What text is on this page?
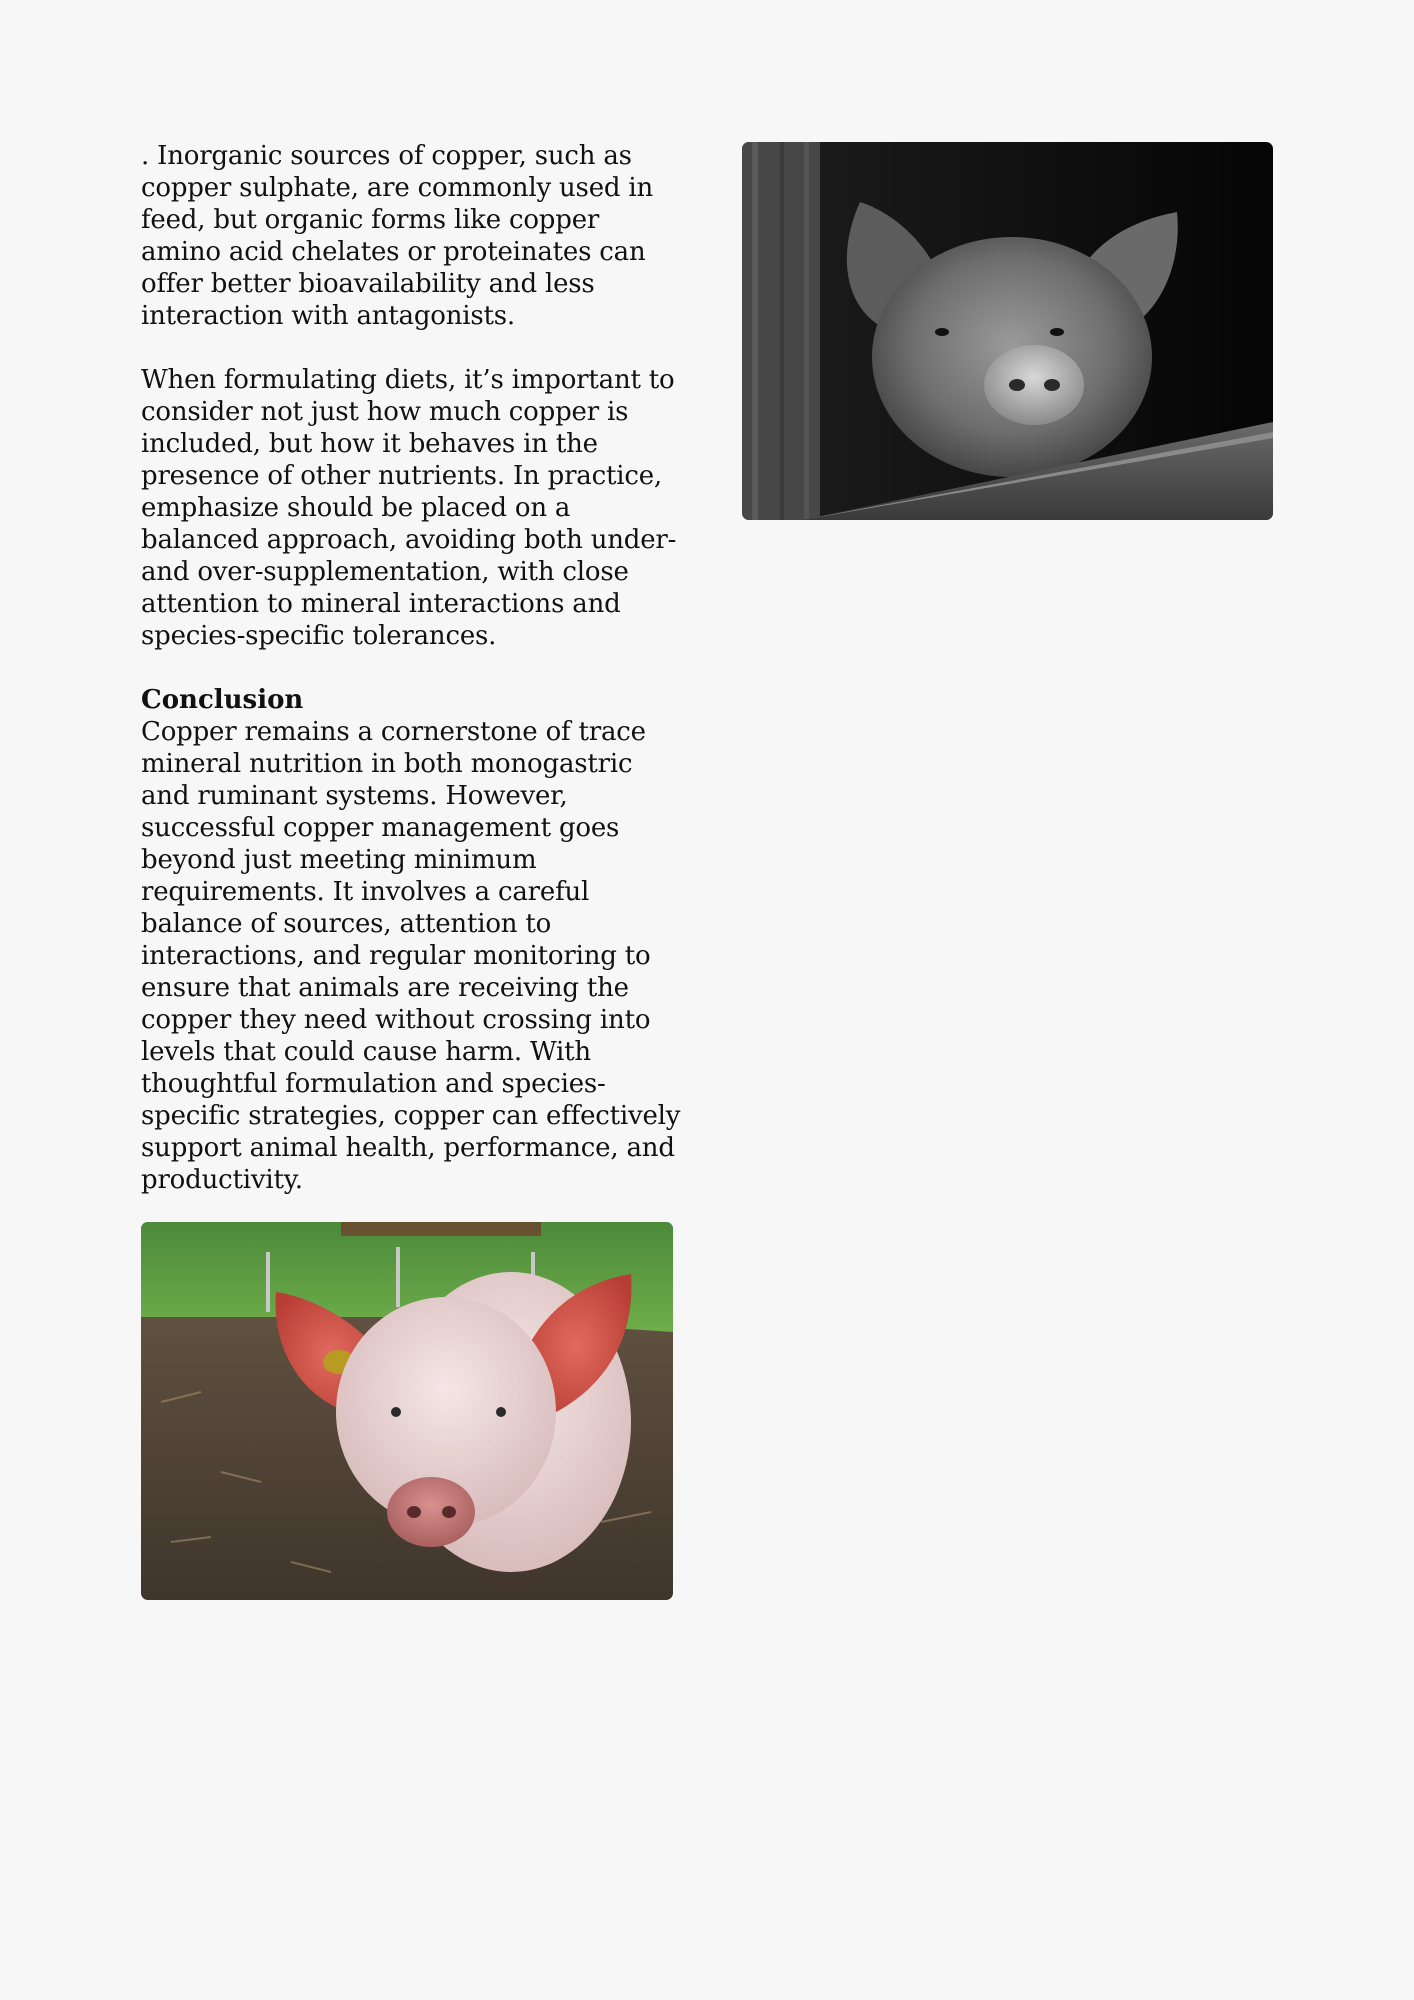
. Inorganic sources of copper, such as copper sulphate, are commonly used in feed, but organic forms like copper amino acid chelates or proteinates can offer better bioavailability and less interaction with antagonists.

When formulating diets, it’s important to consider not just how much copper is included, but how it behaves in the presence of other nutrients. In practice, emphasize should be placed on a balanced approach, avoiding both under- and over-supplementation, with close attention to mineral interactions and species-specific tolerances.

Conclusion

Copper remains a cornerstone of trace mineral nutrition in both monogastric and ruminant systems. However, successful copper management goes beyond just meeting minimum requirements. It involves a careful balance of sources, attention to interactions, and regular monitoring to ensure that animals are receiving the copper they need without crossing into levels that could cause harm. With thoughtful formulation and species-specific strategies, copper can effectively support animal health, performance, and productivity.
